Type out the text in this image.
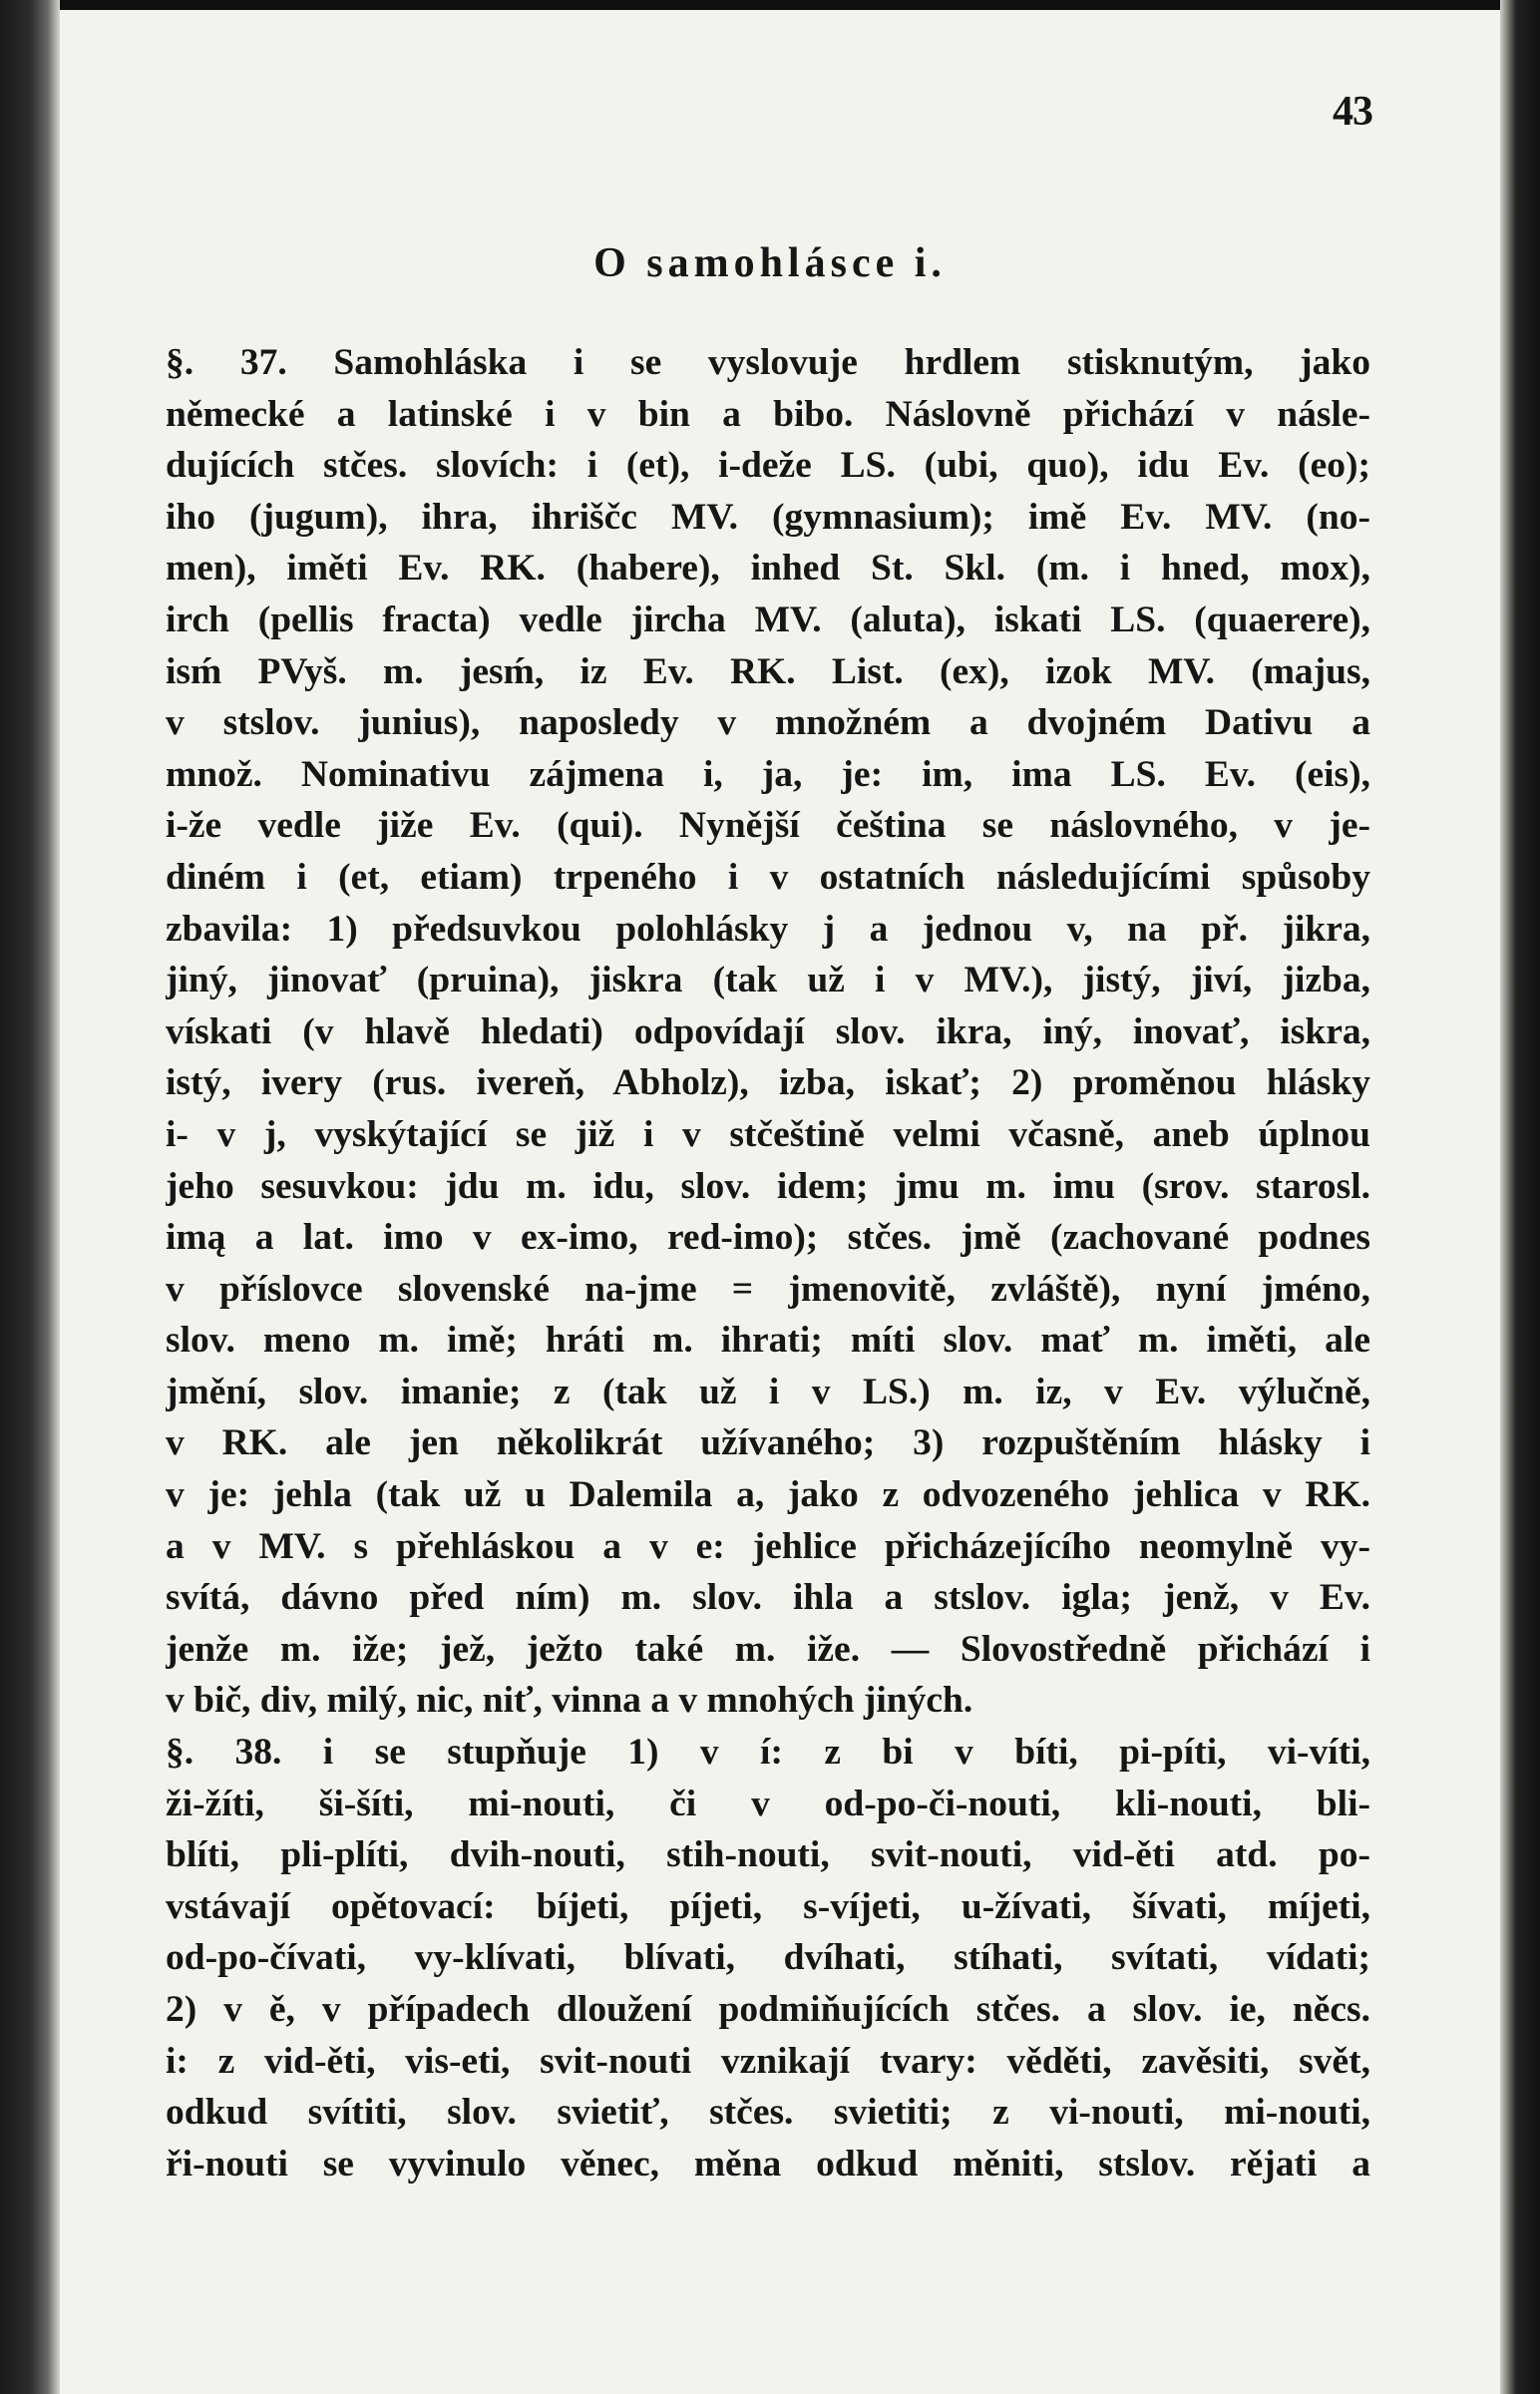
43
O samohlásce i.
§. 37. Samohláska i se vyslovuje hrdlem stisknutým, jako
německé a latinské i v bin a bibo. Náslovně přichází v násle-
dujících stčes. slovích: i (et), i-deže LS. (ubi, quo), idu Ev. (eo);
iho (jugum), ihra, ihriščc MV. (gymnasium); imě Ev. MV. (no-
men), iměti Ev. RK. (habere), inhed St. Skl. (m. i hned, mox),
irch (pellis fracta) vedle jircha MV. (aluta), iskati LS. (quaerere),
isḿ PVyš. m. jesḿ, iz Ev. RK. List. (ex), izok MV. (majus,
v stslov. junius), naposledy v množném a dvojném Dativu a
množ. Nominativu zájmena i, ja, je: im, ima LS. Ev. (eis),
i-že vedle jiže Ev. (qui). Nynější čeština se náslovného, v je-
diném i (et, etiam) trpeného i v ostatních následujícími spůsoby
zbavila: 1) předsuvkou polohlásky j a jednou v, na př. jikra,
jiný, jinovať (pruina), jiskra (tak už i v MV.), jistý, jiví, jizba,
vískati (v hlavě hledati) odpovídají slov. ikra, iný, inovať, iskra,
istý, ivery (rus. ivereň, Abholz), izba, iskať; 2) proměnou hlásky
i- v j, vyskýtající se již i v stčeštině velmi včasně, aneb úplnou
jeho sesuvkou: jdu m. idu, slov. idem; jmu m. imu (srov. starosl.
imą a lat. imo v ex-imo, red-imo); stčes. jmě (zachované podnes
v příslovce slovenské na-jme = jmenovitě, zvláště), nyní jméno,
slov. meno m. imě; hráti m. ihrati; míti slov. mať m. iměti, ale
jmění, slov. imanie; z (tak už i v LS.) m. iz, v Ev. výlučně,
v RK. ale jen několikrát užívaného; 3) rozpuštěním hlásky i
v je: jehla (tak už u Dalemila a, jako z odvozeného jehlica v RK.
a v MV. s přehláskou a v e: jehlice přicházejícího neomylně vy-
svítá, dávno před ním) m. slov. ihla a stslov. igla; jenž, v Ev.
jenže m. iže; jež, ježto také m. iže. — Slovostředně přichází i
v bič, div, milý, nic, niť, vinna a v mnohých jiných.
§. 38. i se stupňuje 1) v í: z bi v bíti, pi-píti, vi-víti,
ži-žíti, ši-šíti, mi-nouti, či v od-po-či-nouti, kli-nouti, bli-
blíti, pli-plíti, dvih-nouti, stih-nouti, svit-nouti, vid-ěti atd. po-
vstávají opětovací: bíjeti, píjeti, s-víjeti, u-žívati, šívati, míjeti,
od-po-čívati, vy-klívati, blívati, dvíhati, stíhati, svítati, vídati;
2) v ě, v případech dloužení podmiňujících stčes. a slov. ie, něcs.
i: z vid-ěti, vis-eti, svit-nouti vznikají tvary: věděti, zavěsiti, svět,
odkud svítiti, slov. svietiť, stčes. svietiti; z vi-nouti, mi-nouti,
ři-nouti se vyvinulo věnec, měna odkud měniti, stslov. rějati a
